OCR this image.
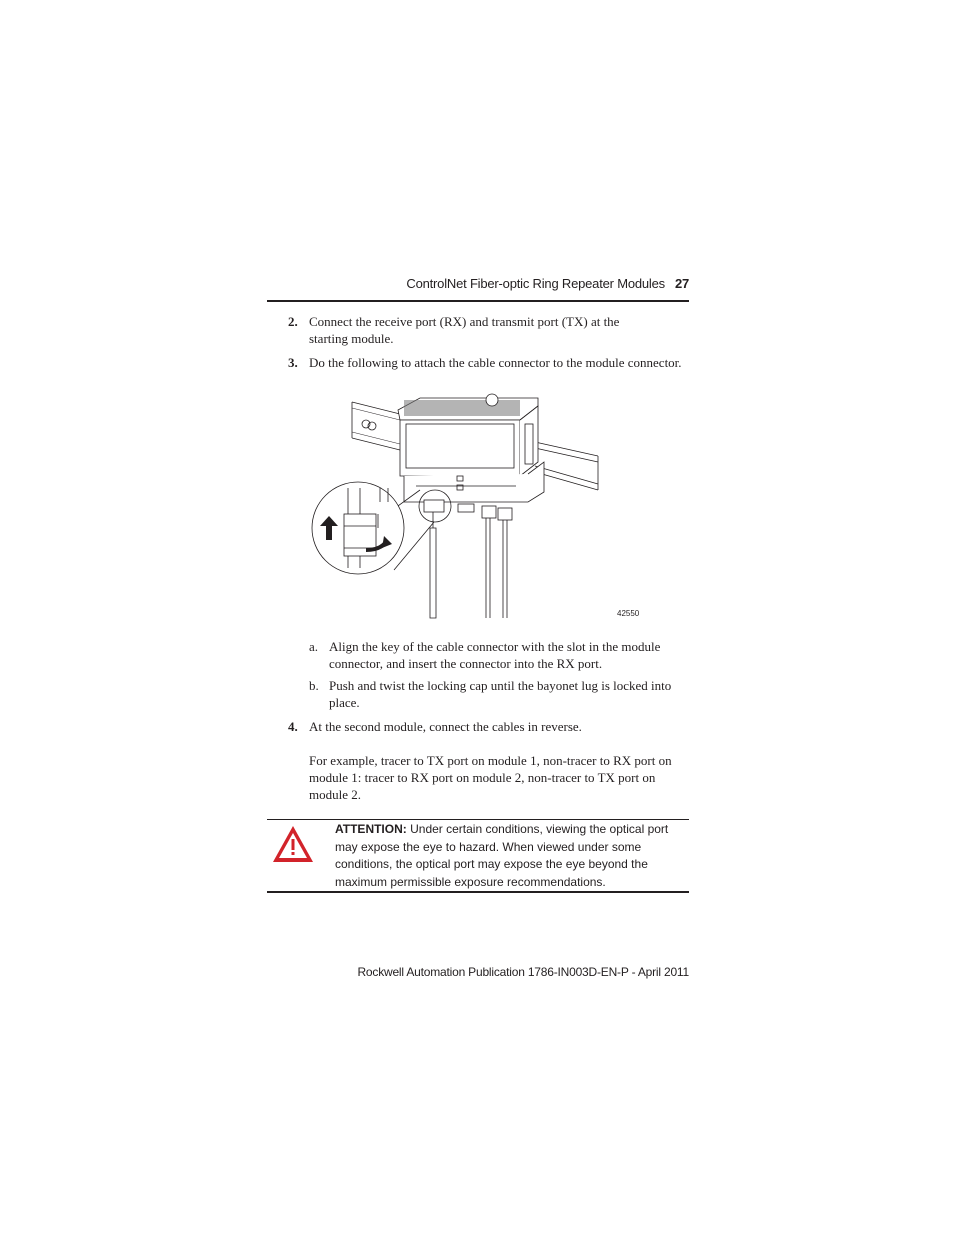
ControlNet Fiber-optic Ring Repeater Modules 27
2. Connect the receive port (RX) and transmit port (TX) at the starting module.
3. Do the following to attach the cable connector to the module connector.
42550
a. Align the key of the cable connector with the slot in the module connector, and insert the connector into the RX port.
b. Push and twist the locking cap until the bayonet lug is locked into place.
4. At the second module, connect the cables in reverse.
For example, tracer to TX port on module 1, non-tracer to RX port on module 1: tracer to RX port on module 2, non-tracer to TX port on module 2.
ATTENTION: Under certain conditions, viewing the optical port may expose the eye to hazard. When viewed under some conditions, the optical port may expose the eye beyond the maximum permissible exposure recommendations.
Rockwell Automation Publication 1786-IN003D-EN-P - April 2011
